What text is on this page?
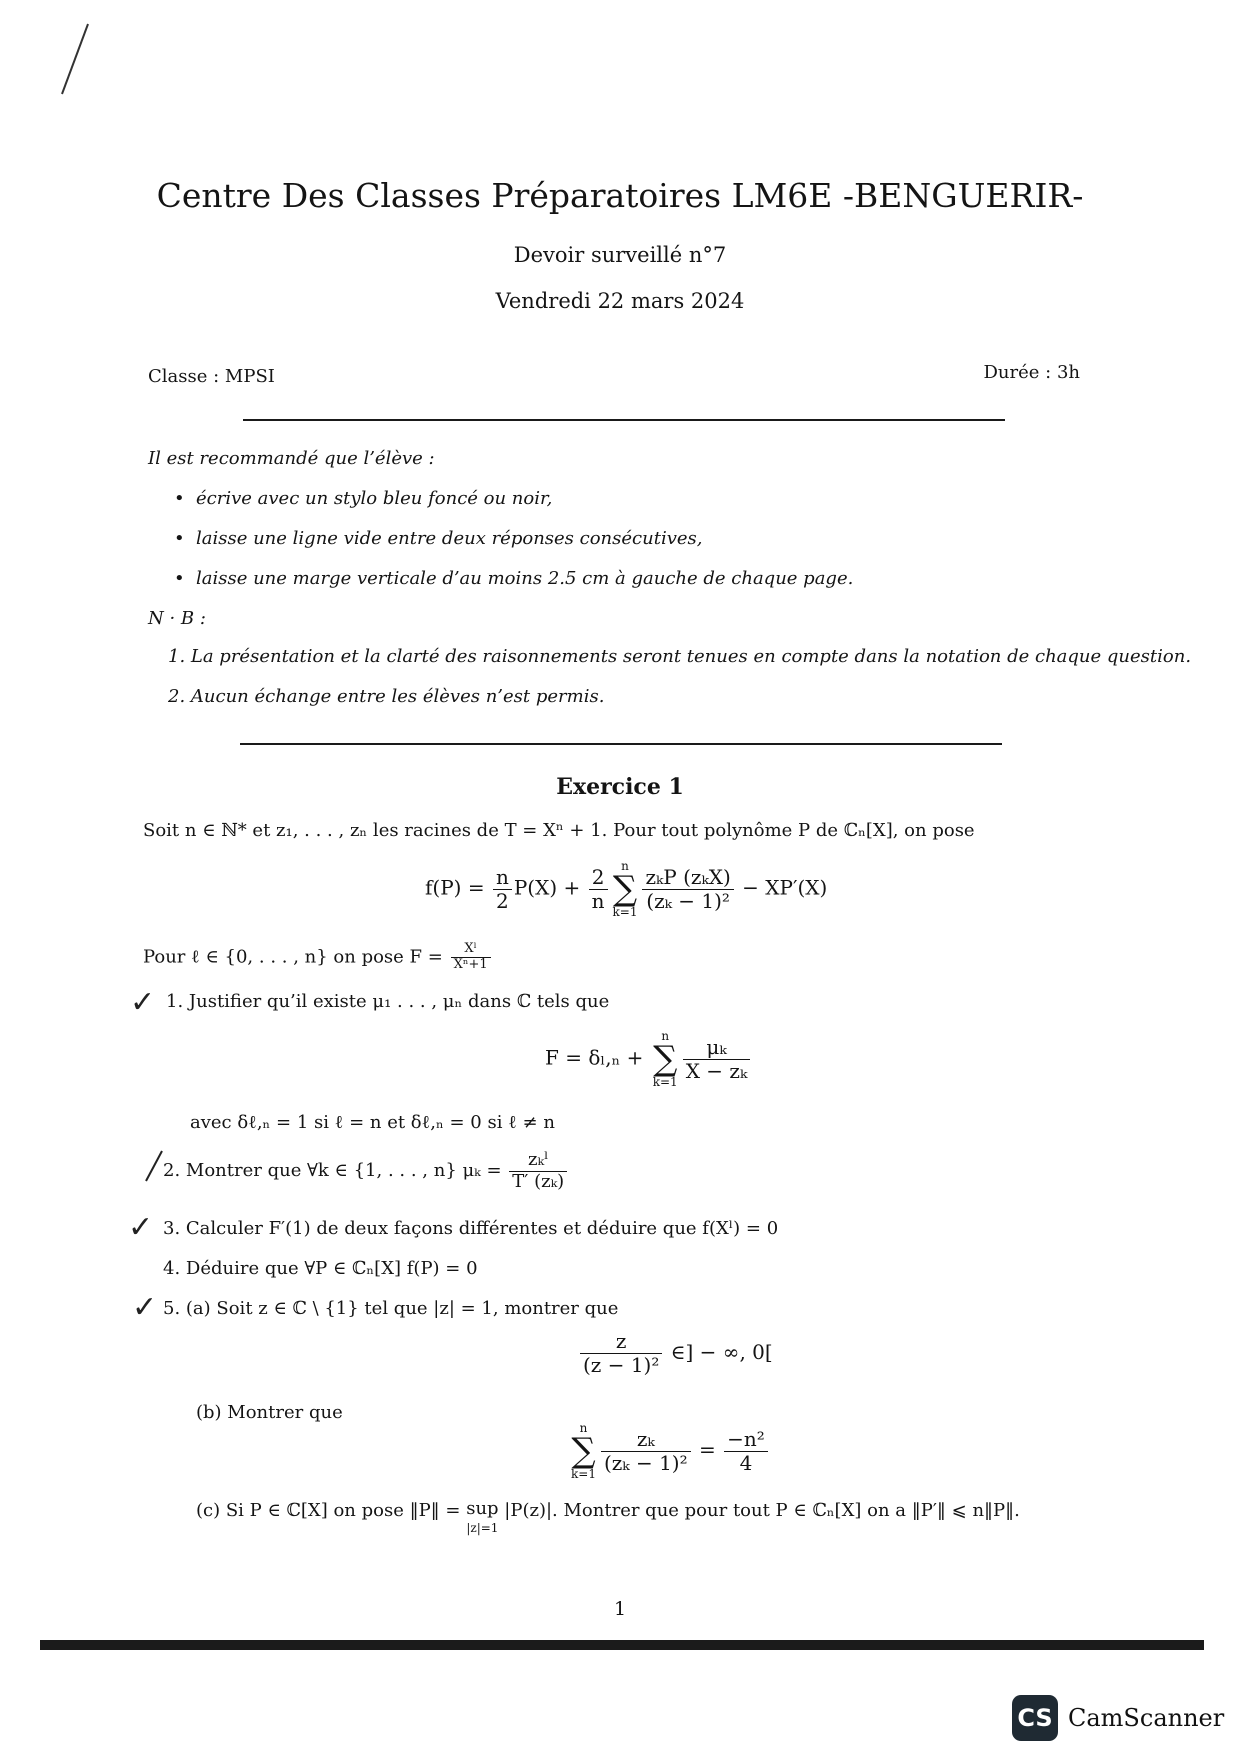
Centre Des Classes Préparatoires LM6E -BENGUERIR-
Devoir surveillé n°7
Vendredi 22 mars 2024
Classe : MPSI	Durée : 3h
Il est recommandé que l’élève :
• écrive avec un stylo bleu foncé ou noir,
• laisse une ligne vide entre deux réponses consécutives,
• laisse une marge verticale d’au moins 2.5 cm à gauche de chaque page.
N · B :
1. La présentation et la clarté des raisonnements seront tenues en compte dans la notation de chaque question.
2. Aucun échange entre les élèves n’est permis.
Exercice 1
Soit n ∈ ℕ* et z₁, . . . , zₙ les racines de T = Xⁿ + 1. Pour tout polynôme P de ℂₙ[X], on pose
$f(P) = \frac{n}{2} P(X) + \frac{2}{n}$	n
∑
$k=1 \frac{\text{zₖP (zₖX)}}{\text{(zₖ − 1)²}} - XP'(X)$
Pour ℓ ∈ {0, . . . , n} on pose $F = \frac{\text{Xˡ}}{\text{Xⁿ+1}}$
✓ 1. Justifier qu’il existe μ₁ . . . , μₙ dans ℂ tels que
F = δₗ,ₙ +
n
∑
$k=1 \frac{\text{μₖ}}{\text{X − zₖ}}$
avec δℓ,ₙ = 1 si ℓ = n et δℓ,ₙ = 0 si ℓ ≠ n
2. Montrer que ∀k ∈ {1, . . . , n} $\mu_k = \frac{\text{zₖˡ}}{\text{T′ (zₖ)}}$
✓ 3. Calculer F′(1) de deux façons différentes et déduire que f(Xˡ) = 0
4. Déduire que ∀P ∈ ℂₙ[X] f(P) = 0
✓ 5. (a) Soit z ∈ ℂ \ {1} tel que |z| = 1, montrer que
$\frac{z}{\text{(z − 1)²}}$ ∈] − ∞, 0[
(b) Montrer que
n
∑
$k=1 \frac{\text{zₖ}}{\text{(zₖ − 1)²}} = \frac{\text{−n²}}{4}$
(c) Si P ∈ ℂ[X] on pose ‖P‖ = sup
|z|=1
|P(z)|. Montrer que pour tout P ∈ ℂₙ[X] on a ‖P′‖ ⩽ n‖P‖.
1
CS CamScanner
